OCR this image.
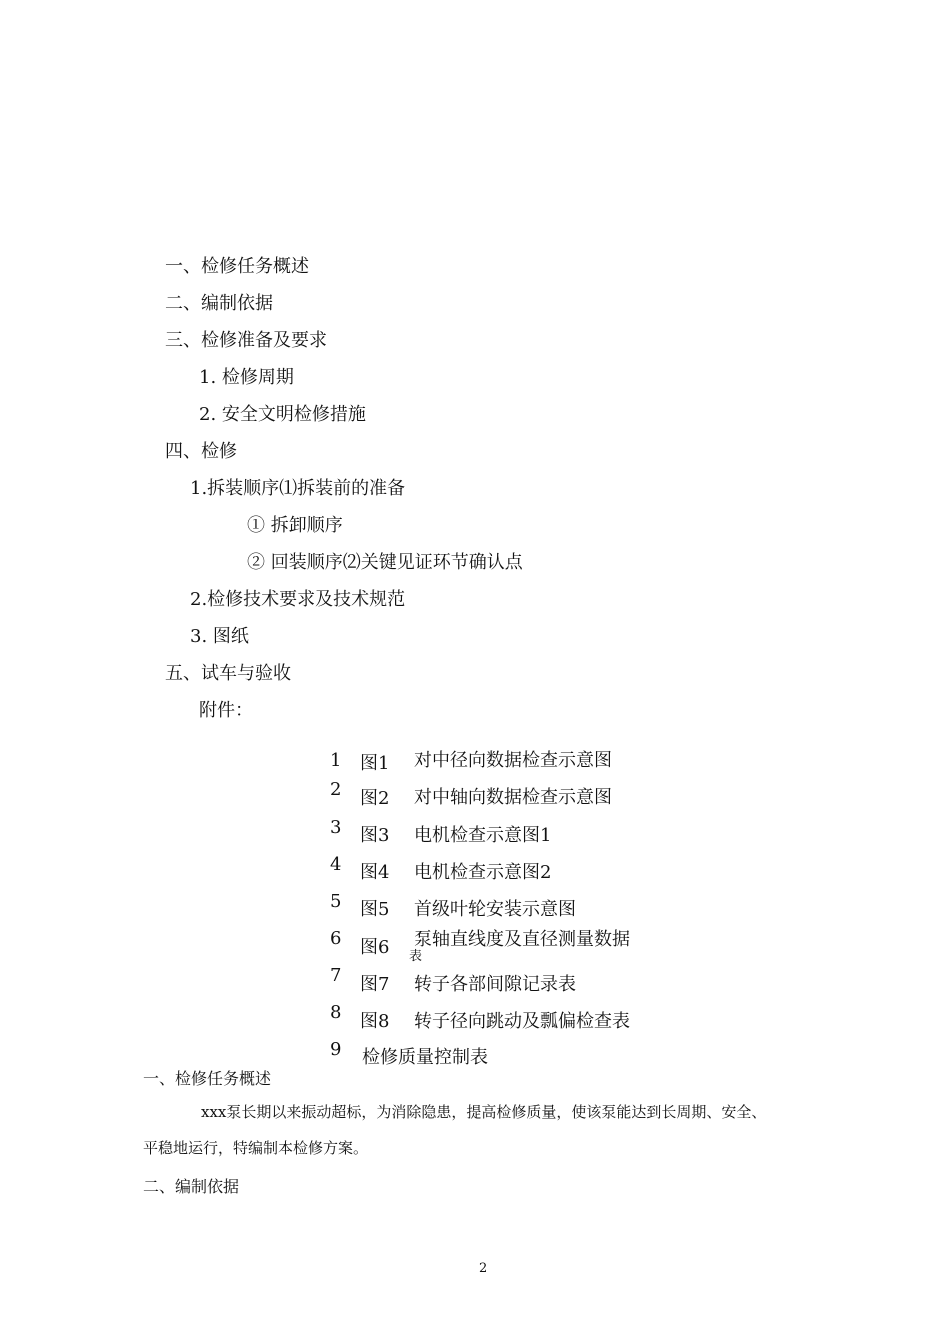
一、检修任务概述
二、编制依据
三、检修准备及要求
1. 检修周期
2. 安全文明检修措施
四、检修
1.拆装顺序⑴拆装前的准备
① 拆卸顺序
② 回装顺序⑵关键见证环节确认点
2.检修技术要求及技术规范
3. 图纸
五、试车与验收
附件：
1 图1 对中径向数据检查示意图
2 图2 对中轴向数据检查示意图
3 图3 电机检查示意图1
4 图4 电机检查示意图2
5 图5 首级叶轮安装示意图
6 图6 泵轴直线度及直径测量数据
表
7 图7 转子各部间隙记录表
8 图8 转子径向跳动及瓢偏检查表
9 检修质量控制表
一、检修任务概述
xxx泵长期以来振动超标，为消除隐患，提高检修质量，使该泵能达到长周期、安全、
平稳地运行，特编制本检修方案。
二、编制依据
2
